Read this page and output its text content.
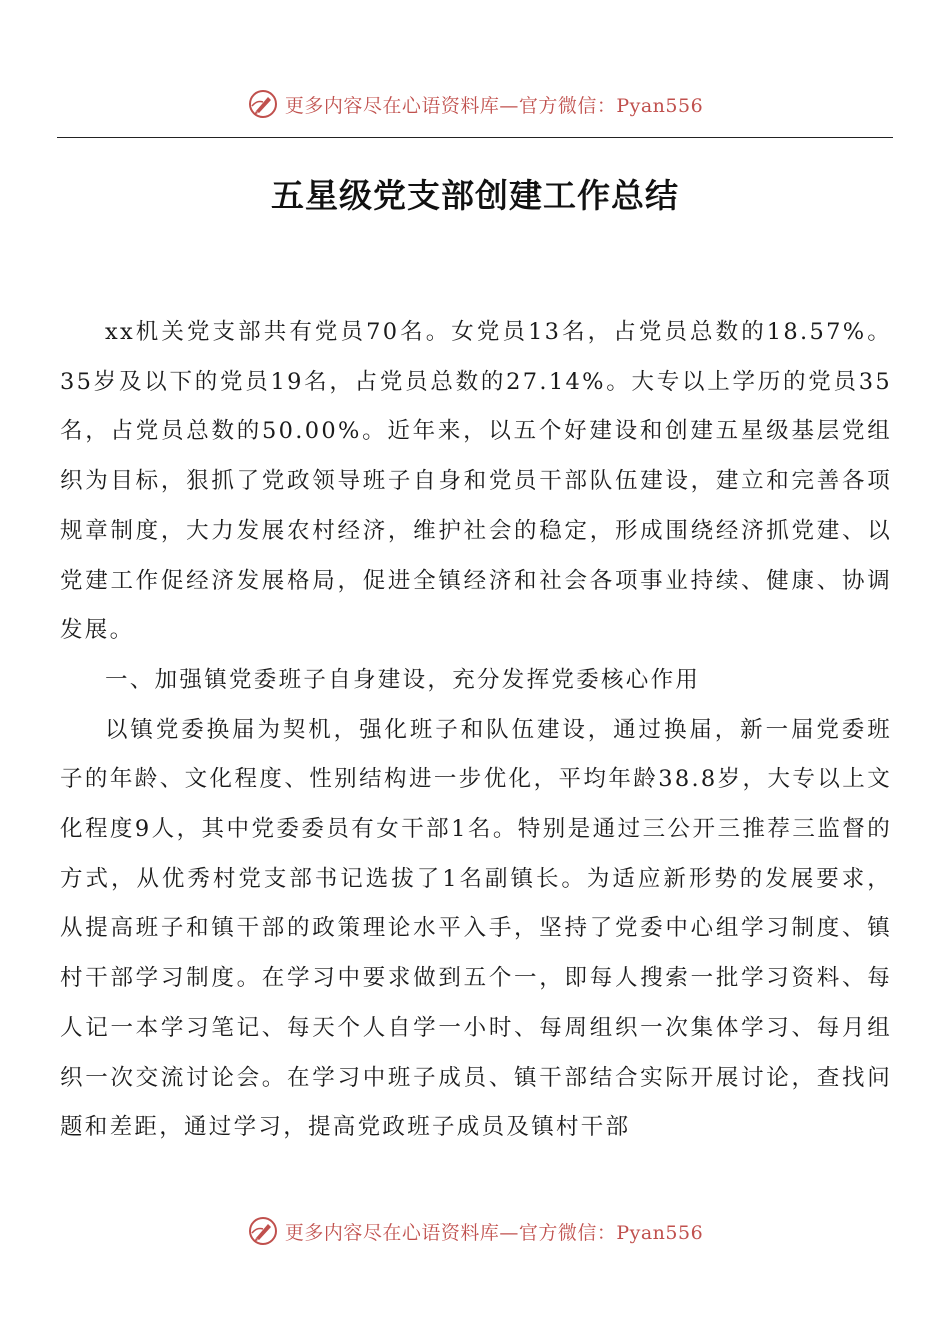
更多内容尽在心语资料库—官方微信：Pyan556
五星级党支部创建工作总结

xx机关党支部共有党员70名。女党员13名，占党员总数的18.57%。35岁及以下的党员19名，占党员总数的27.14%。大专以上学历的党员35名，占党员总数的50.00%。近年来，以五个好建设和创建五星级基层党组织为目标，狠抓了党政领导班子自身和党员干部队伍建设，建立和完善各项规章制度，大力发展农村经济，维护社会的稳定，形成围绕经济抓党建、以党建工作促经济发展格局，促进全镇经济和社会各项事业持续、健康、协调发展。

一、加强镇党委班子自身建设，充分发挥党委核心作用

以镇党委换届为契机，强化班子和队伍建设，通过换届，新一届党委班子的年龄、文化程度、性别结构进一步优化，平均年龄38.8岁，大专以上文化程度9人，其中党委委员有女干部1名。特别是通过三公开三推荐三监督的方式，从优秀村党支部书记选拔了1名副镇长。为适应新形势的发展要求，从提高班子和镇干部的政策理论水平入手，坚持了党委中心组学习制度、镇村干部学习制度。在学习中要求做到五个一，即每人搜索一批学习资料、每人记一本学习笔记、每天个人自学一小时、每周组织一次集体学习、每月组织一次交流讨论会。在学习中班子成员、镇干部结合实际开展讨论，查找问题和差距，通过学习，提高党政班子成员及镇村干部

更多内容尽在心语资料库—官方微信：Pyan556
